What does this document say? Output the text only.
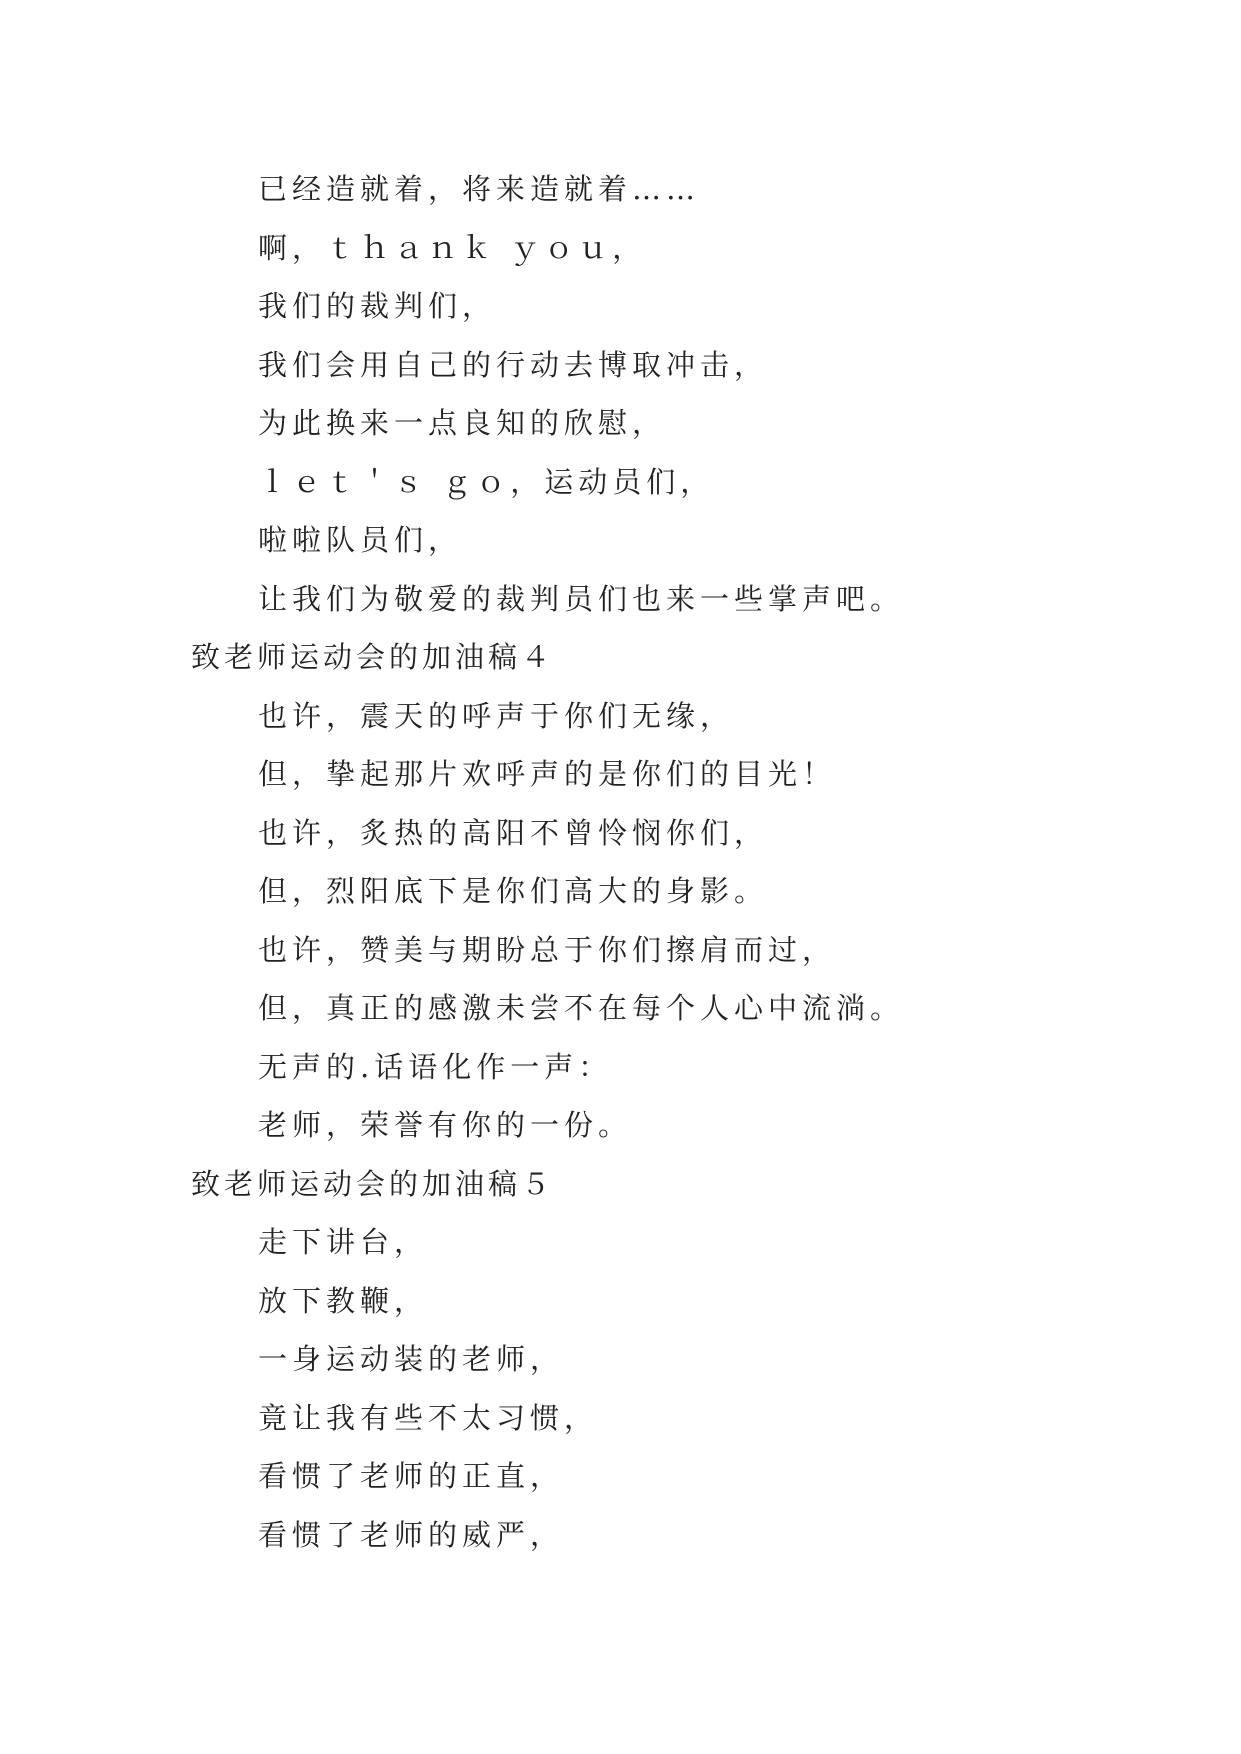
已经造就着，将来造就着……
啊，ｔｈａｎｋ ｙｏｕ，
我们的裁判们，
我们会用自己的行动去博取冲击，
为此换来一点良知的欣慰，
ｌｅｔ＇ｓ ｇｏ，运动员们，
啦啦队员们，
让我们为敬爱的裁判员们也来一些掌声吧。
致老师运动会的加油稿４
也许，震天的呼声于你们无缘，
但，挚起那片欢呼声的是你们的目光！
也许，炙热的高阳不曾怜悯你们，
但，烈阳底下是你们高大的身影。
也许，赞美与期盼总于你们擦肩而过，
但，真正的感激未尝不在每个人心中流淌。
无声的.话语化作一声：
老师，荣誉有你的一份。
致老师运动会的加油稿５
走下讲台，
放下教鞭，
一身运动装的老师，
竟让我有些不太习惯，
看惯了老师的正直，
看惯了老师的威严，
